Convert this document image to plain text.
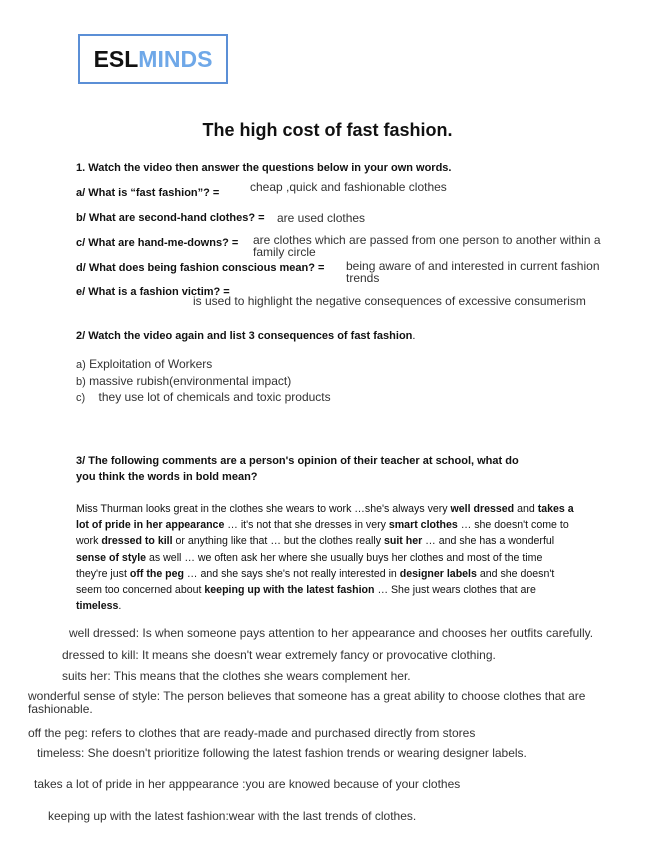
ESL MINDS
The high cost of fast fashion.
1. Watch the video then answer the questions below in your own words.
a/ What is “fast fashion”? =	cheap ,quick and fashionable clothes
b/ What are second-hand clothes? = are used clothes
c/ What are hand-me-downs? = are clothes which are passed from one person to another within a family circle
d/ What does being fashion conscious mean? = being aware of and interested in current fashion trends
e/ What is a fashion victim? =
is used to highlight the negative consequences of excessive consumerism
2/ Watch the video again and list 3 consequences of fast fashion.
a) Exploitation of Workers
b) massive rubish(environmental impact)
c) they use lot of chemicals and toxic products
3/ The following comments are a person's opinion of their teacher at school, what do
you think the words in bold mean?
Miss Thurman looks great in the clothes she wears to work …she's always very well dressed and takes a lot of pride in her appearance … it's not that she dresses in very smart clothes … she doesn't come to work dressed to kill or anything like that … but the clothes really suit her … and she has a wonderful sense of style as well … we often ask her where she usually buys her clothes and most of the time they're just off the peg … and she says she's not really interested in designer labels and she doesn't seem too concerned about keeping up with the latest fashion … She just wears clothes that are timeless.
well dressed: Is when someone pays attention to her appearance and chooses her outfits carefully.
dressed to kill: It means she doesn't wear extremely fancy or provocative clothing.
suits her: This means that the clothes she wears complement her.
wonderful sense of style: The person believes that someone has a great ability to choose clothes that are fashionable.
off the peg: refers to clothes that are ready-made and purchased directly from stores
timeless: She doesn't prioritize following the latest fashion trends or wearing designer labels.
takes a lot of pride in her apppearance :you are knowed because of your clothes
keeping up with the latest fashion:wear with the last trends of clothes.
